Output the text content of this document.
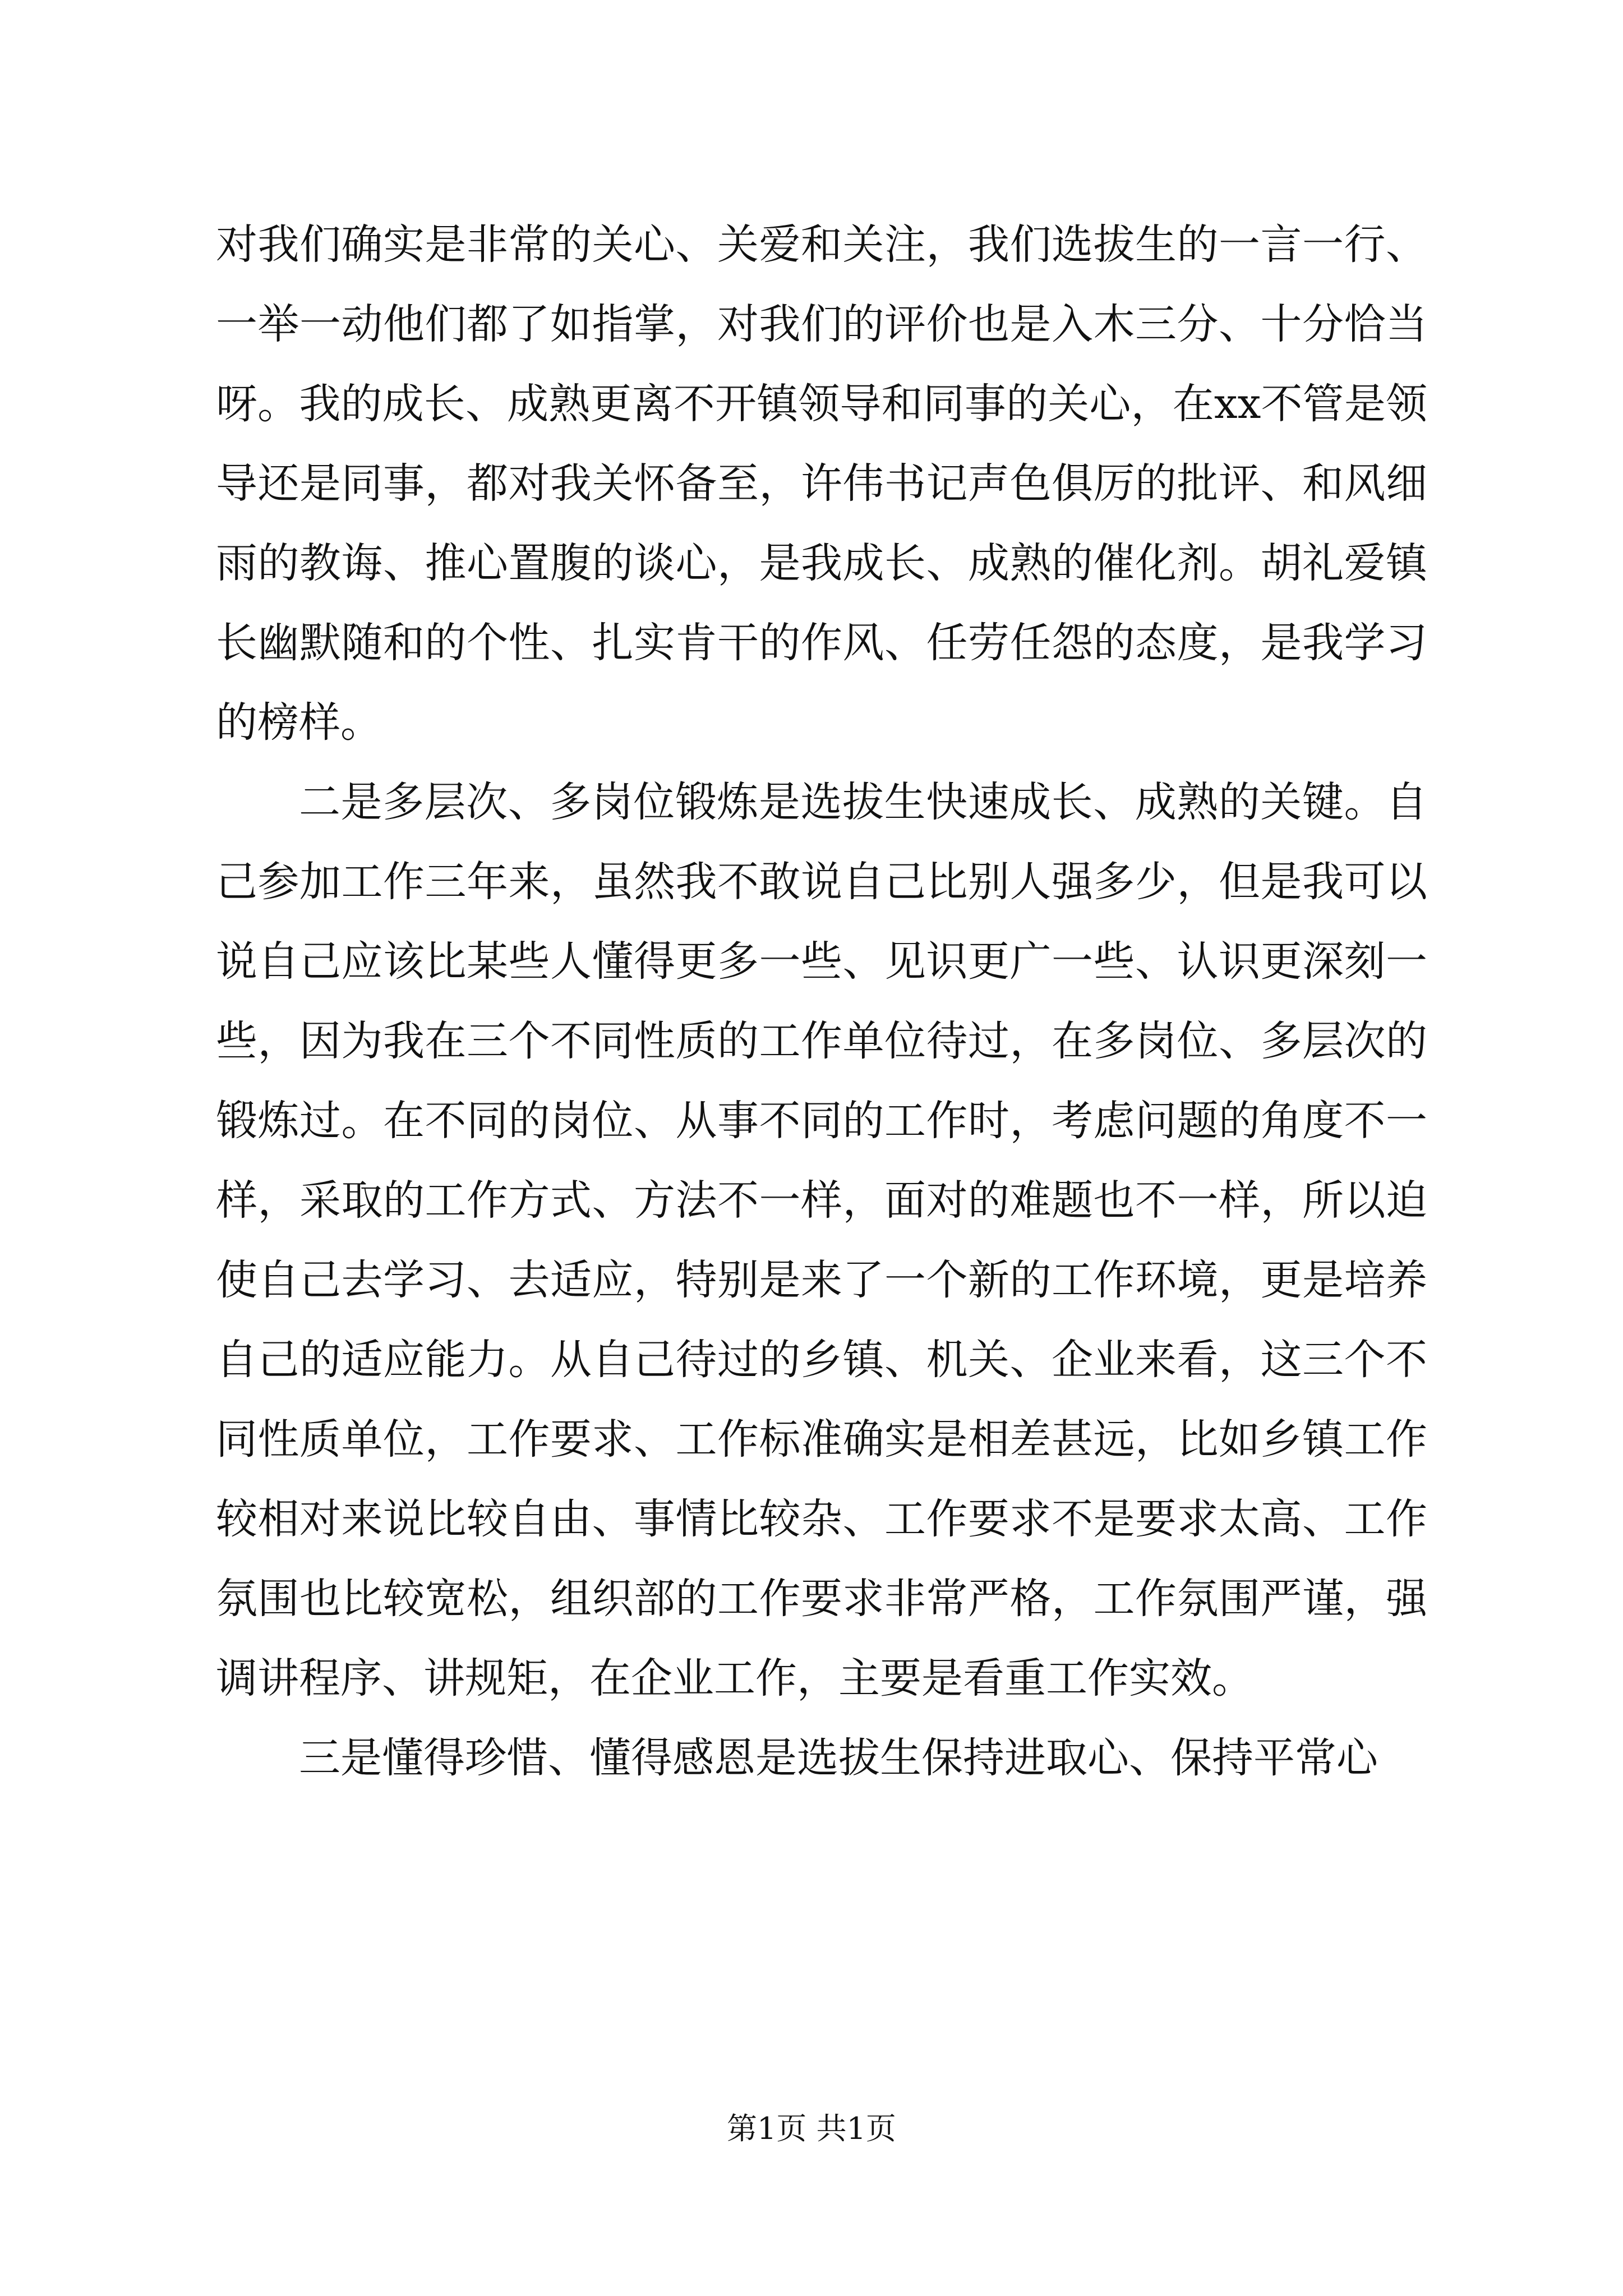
对我们确实是非常的关心、关爱和关注，我们选拔生的一言一行、一举一动他们都了如指掌，对我们的评价也是入木三分、十分恰当呀。我的成长、成熟更离不开镇领导和同事的关心，在xx不管是领导还是同事，都对我关怀备至，许伟书记声色俱厉的批评、和风细雨的教诲、推心置腹的谈心，是我成长、成熟的催化剂。胡礼爱镇长幽默随和的个性、扎实肯干的作风、任劳任怨的态度，是我学习的榜样。

二是多层次、多岗位锻炼是选拔生快速成长、成熟的关键。自己参加工作三年来，虽然我不敢说自己比别人强多少，但是我可以说自己应该比某些人懂得更多一些、见识更广一些、认识更深刻一些，因为我在三个不同性质的工作单位待过，在多岗位、多层次的锻炼过。在不同的岗位、从事不同的工作时，考虑问题的角度不一样，采取的工作方式、方法不一样，面对的难题也不一样，所以迫使自己去学习、去适应，特别是来了一个新的工作环境，更是培养自己的适应能力。从自己待过的乡镇、机关、企业来看，这三个不同性质单位，工作要求、工作标准确实是相差甚远，比如乡镇工作较相对来说比较自由、事情比较杂、工作要求不是要求太高、工作氛围也比较宽松，组织部的工作要求非常严格，工作氛围严谨，强调讲程序、讲规矩，在企业工作，主要是看重工作实效。

三是懂得珍惜、懂得感恩是选拔生保持进取心、保持平常心

第1页 共1页
